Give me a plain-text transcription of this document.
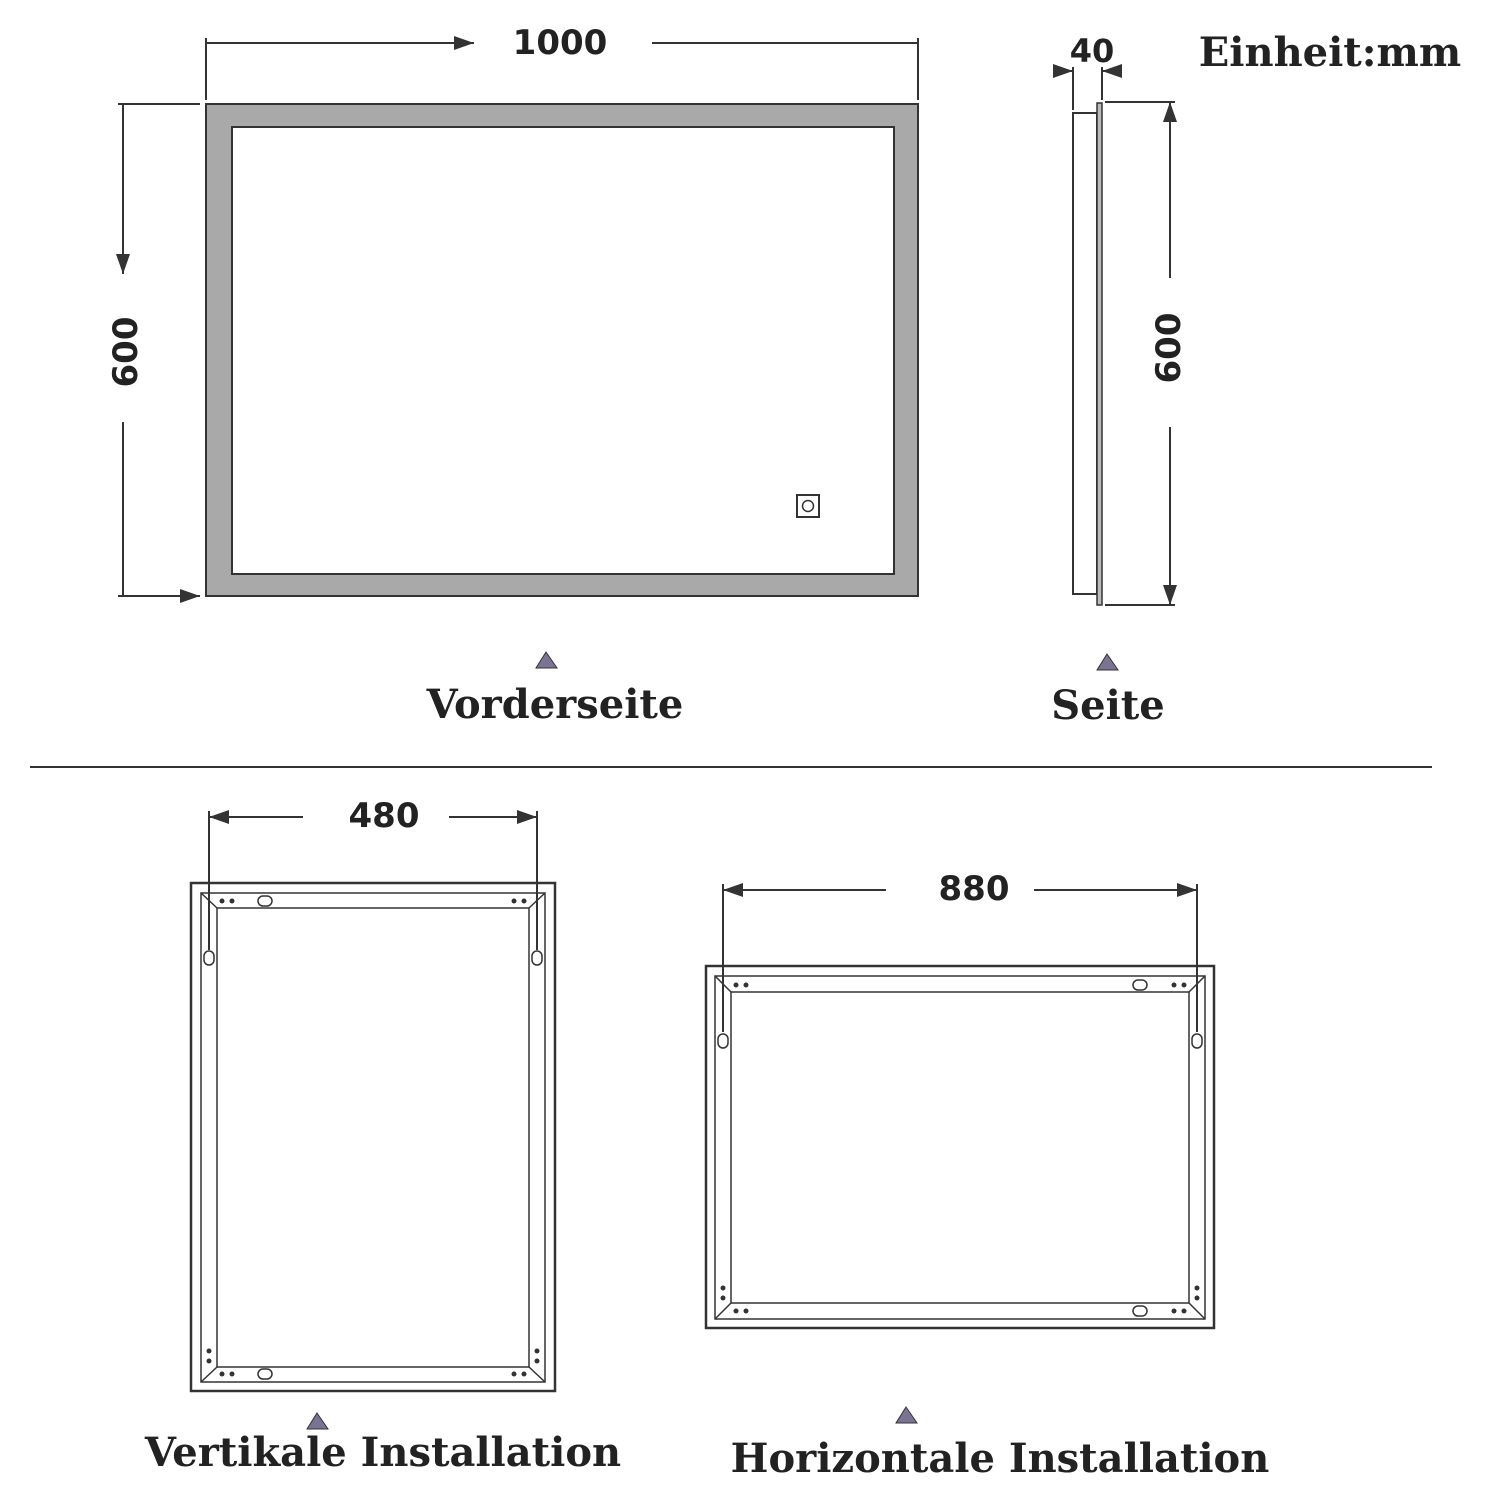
Einheit:mm
1000
600
40
600
Vorderseite	Seite
480
Vertikale Installation
880
Horizontale Installation
